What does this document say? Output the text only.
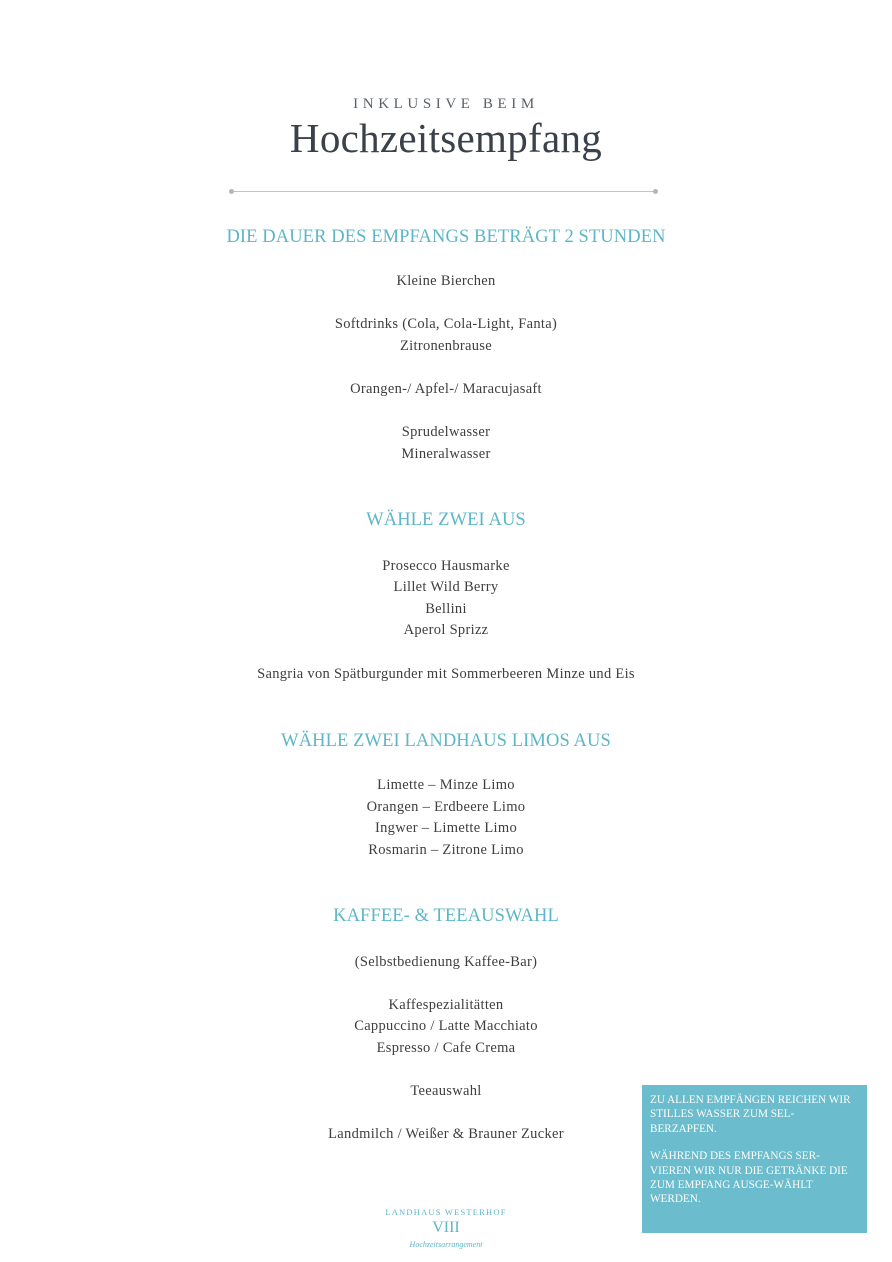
INKLUSIVE BEIM
Hochzeitsempfang
DIE DAUER DES EMPFANGS BETRÄGT 2 STUNDEN
Kleine Bierchen
Softdrinks (Cola, Cola-Light, Fanta)
Zitronenbrause
Orangen-/ Apfel-/ Maracujasaft
Sprudelwasser
Mineralwasser
WÄHLE ZWEI AUS
Prosecco Hausmarke
Lillet Wild Berry
Bellini
Aperol Sprizz
Sangria von Spätburgunder mit Sommerbeeren Minze und Eis
WÄHLE ZWEI LANDHAUS LIMOS AUS
Limette – Minze Limo
Orangen – Erdbeere Limo
Ingwer – Limette Limo
Rosmarin – Zitrone Limo
KAFFEE- & TEEAUSWAHL
(Selbstbedienung Kaffee-Bar)
Kaffespezialitätten
Cappuccino / Latte Macchiato
Espresso / Cafe Crema
Teeauswahl
Landmilch / Weißer & Brauner Zucker

ZU ALLEN EMPFÄNGEN REICHEN WIR STILLES WASSER ZUM SEL-BERZAPFEN.

WÄHREND DES EMPFANGS SER-VIEREN WIR NUR DIE GETRÄNKE DIE ZUM EMPFANG AUSGE-WÄHLT WERDEN.

LANDHAUS WESTERHOF
VIII
Hochzeitsarrangement
